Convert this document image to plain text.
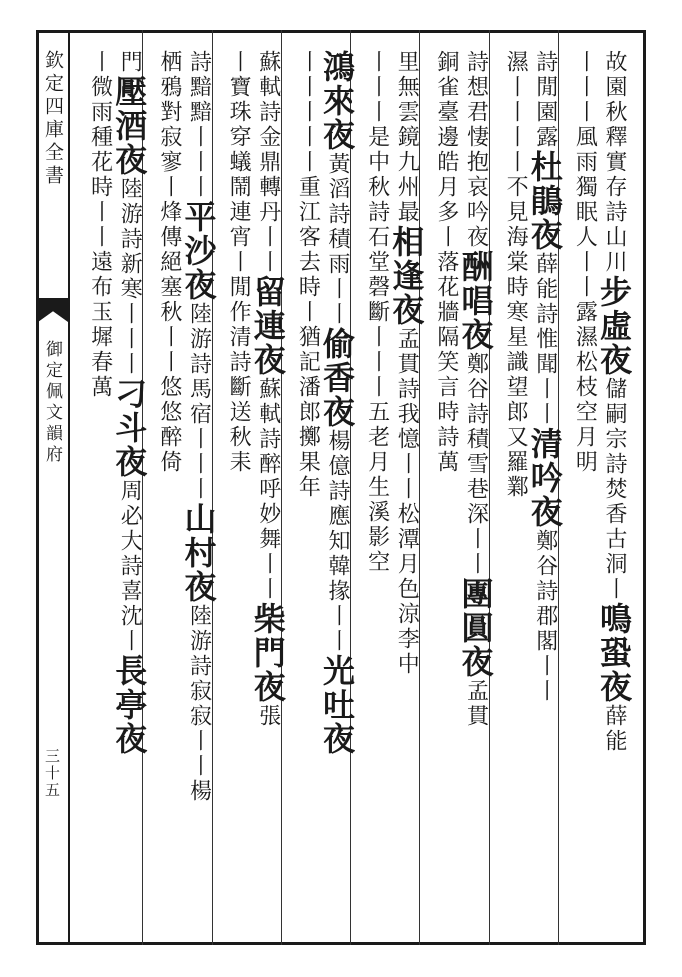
欽定四庫全書
御定佩文韻府
三十五
故園秋釋實存詩山川步虛夜儲嗣宗詩焚香古洞丨鳴蛩夜薛能
丨丨丨風雨獨眠人丨丨露濕松枝空月明
詩閒園露杜鵑夜薛能詩惟聞丨丨清吟夜鄭谷詩郡閣丨丨
濕丨丨丨丨不見海棠時寒星識望郎又羅鄴
詩想君悽抱哀吟夜酬唱夜鄭谷詩積雪巷深丨丨團圓夜孟貫
銅雀臺邊皓月多丨落花牆隔笑言時詩萬
里無雲鏡九州最相逢夜孟貫詩我憶丨丨松潭月色涼李中
丨丨丨是中秋詩石堂磬斷丨丨丨五老月生溪影空
鴻來夜黃滔詩積雨丨丨偷香夜楊億詩應知韓掾丨丨光吐夜
丨丨丨丨丨重江客去時丨猶記潘郎擲果年
蘇軾詩金鼎轉丹丨丨留連夜蘇軾詩醉呼妙舞丨丨柴門夜張
丨寶珠穿蟻鬧連宵丨閒作清詩斷送秋耒
詩黯黯丨丨丨平沙夜陸游詩馬宿丨丨丨山村夜陸游詩寂寂丨丨楊
栖鴉對寂寥丨烽傳絕塞秋丨丨悠悠醉倚
門壓酒夜陸游詩新寒丨丨丨刁斗夜周必大詩喜沈丨長亭夜
丨微雨種花時丨丨遠布玉墀春萬
